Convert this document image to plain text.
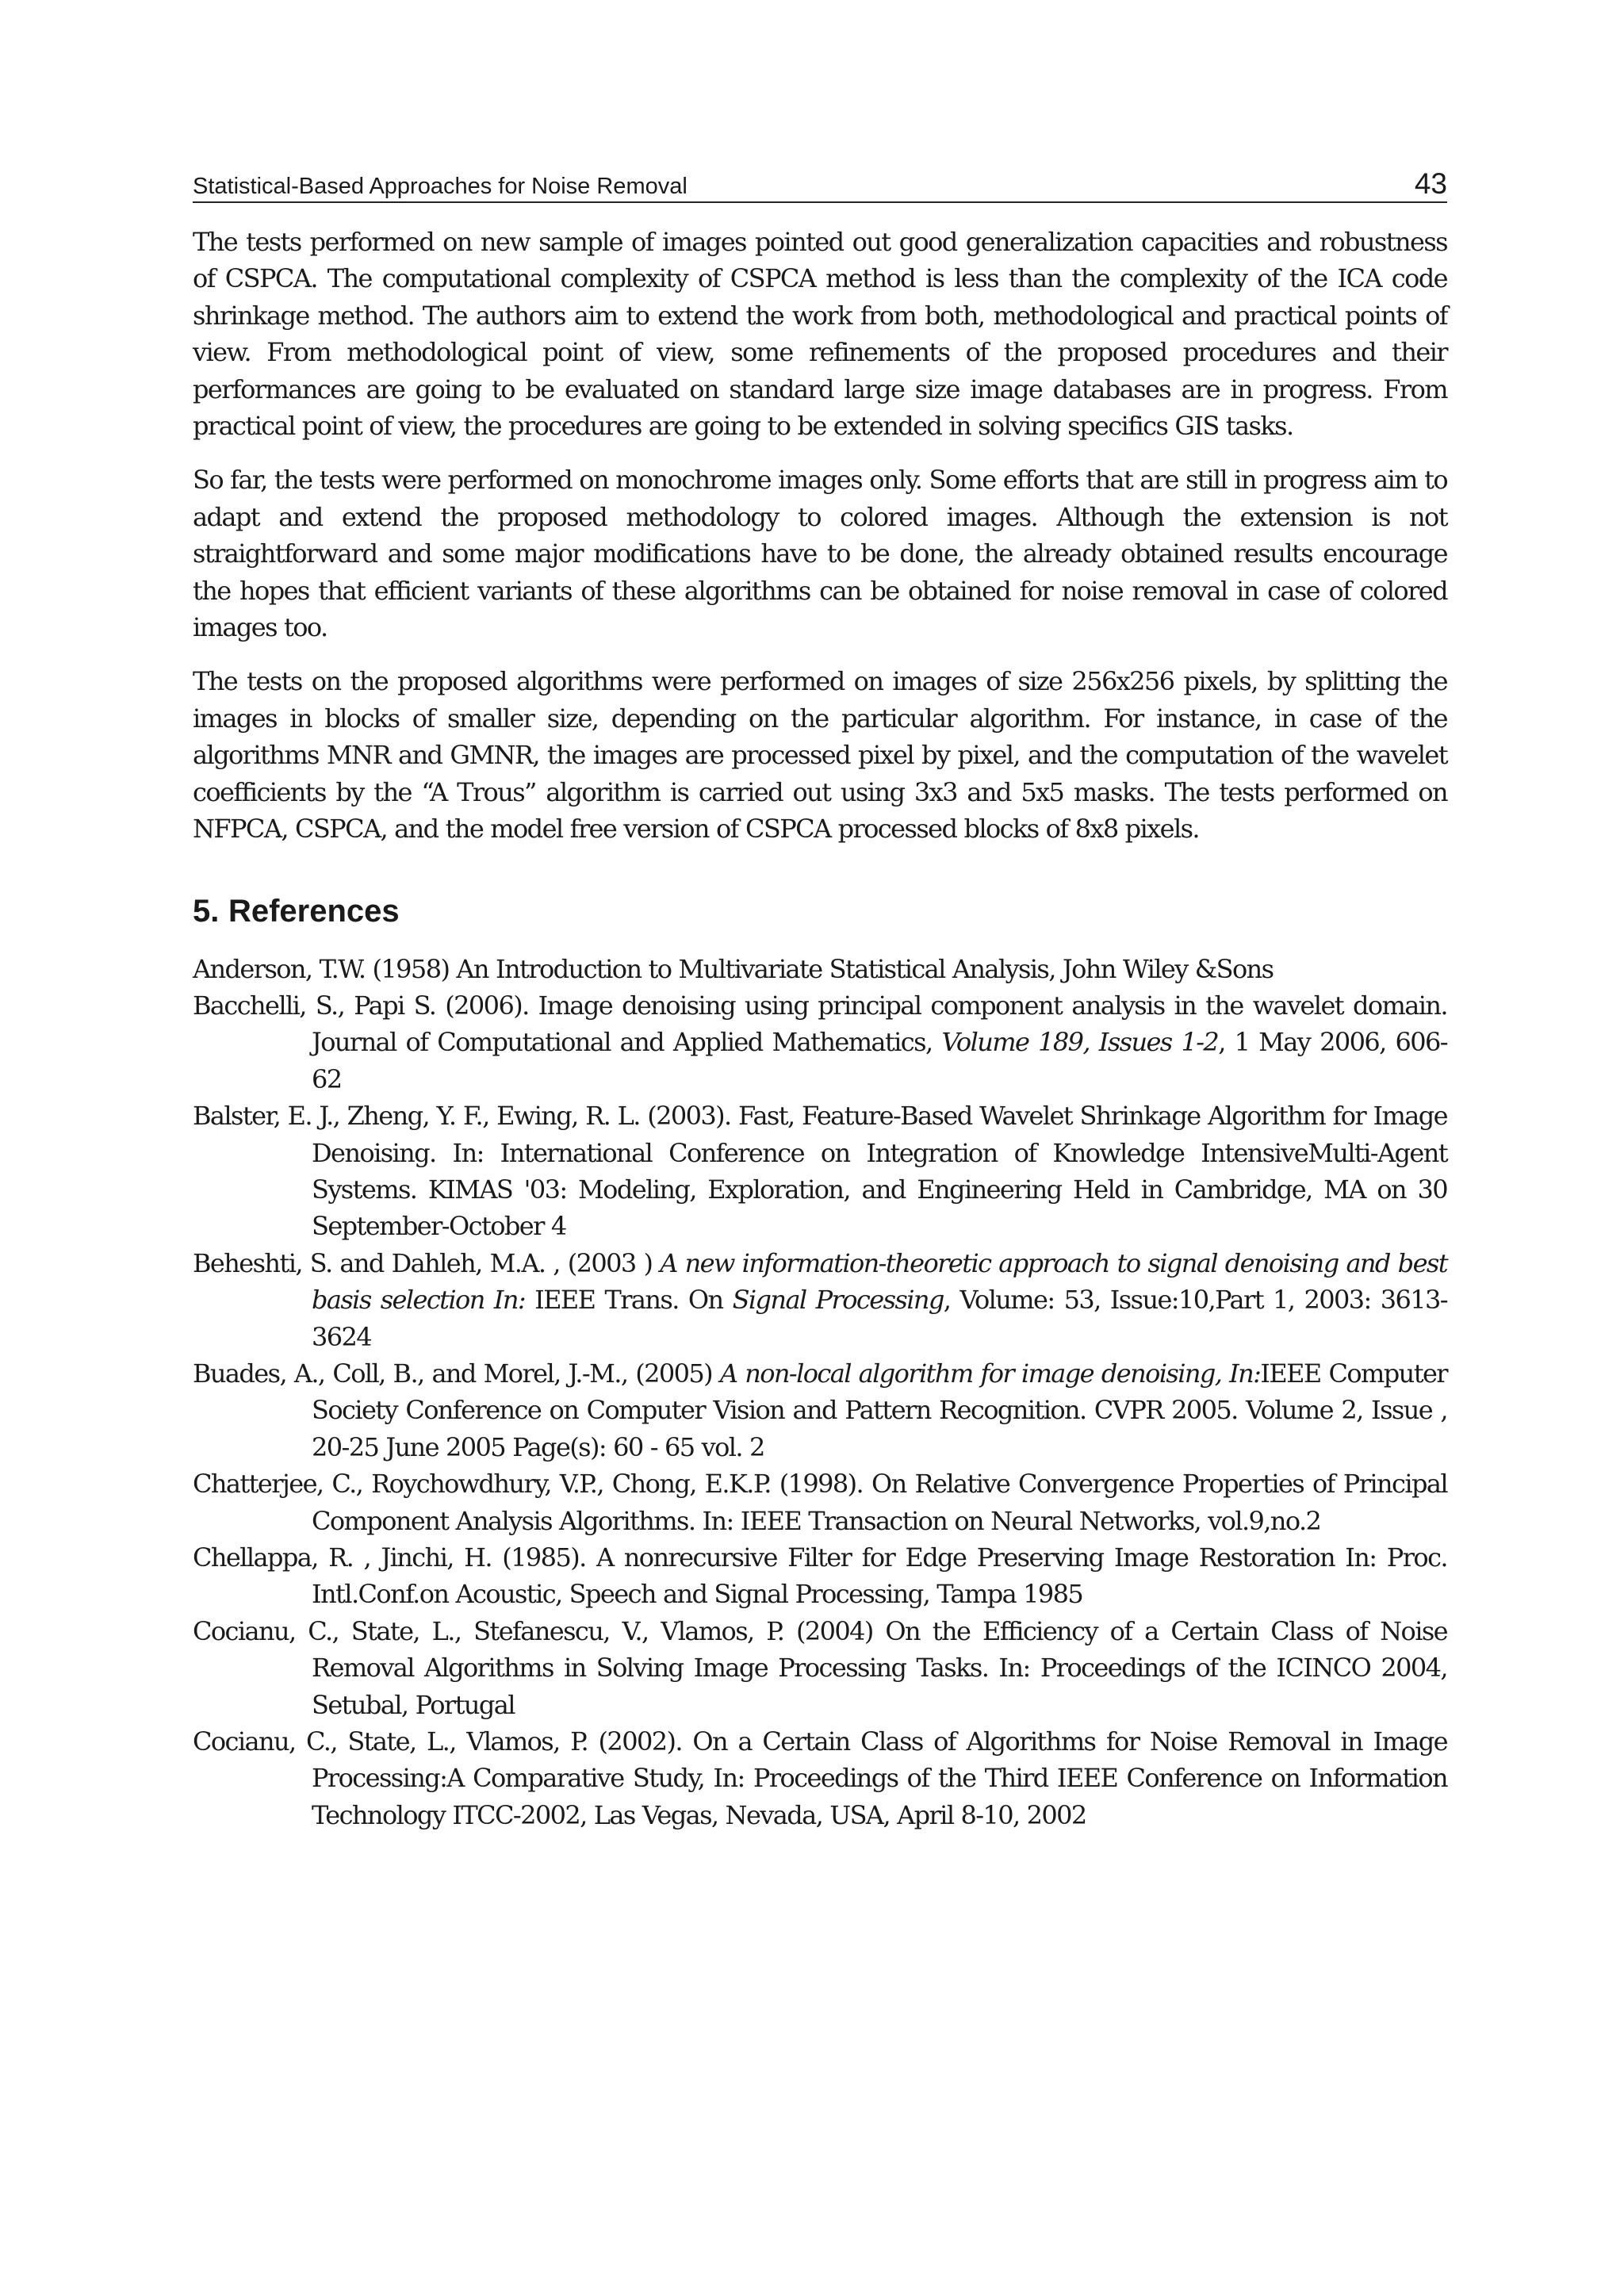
Statistical-Based Approaches for Noise Removal	43

The tests performed on new sample of images pointed out good generalization capacities and robustness of CSPCA. The computational complexity of CSPCA method is less than the complexity of the ICA code shrinkage method. The authors aim to extend the work from both, methodological and practical points of view. From methodological point of view, some refinements of the proposed procedures and their performances are going to be evaluated on standard large size image databases are in progress. From practical point of view, the procedures are going to be extended in solving specifics GIS tasks.

So far, the tests were performed on monochrome images only. Some efforts that are still in progress aim to adapt and extend the proposed methodology to colored images. Although the extension is not straightforward and some major modifications have to be done, the already obtained results encourage the hopes that efficient variants of these algorithms can be obtained for noise removal in case of colored images too.

The tests on the proposed algorithms were performed on images of size 256x256 pixels, by splitting the images in blocks of smaller size, depending on the particular algorithm. For instance, in case of the algorithms MNR and GMNR, the images are processed pixel by pixel, and the computation of the wavelet coefficients by the “A Trous” algorithm is carried out using 3x3 and 5x5 masks. The tests performed on NFPCA, CSPCA, and the model free version of CSPCA processed blocks of 8x8 pixels.

5. References

Anderson, T.W. (1958) An Introduction to Multivariate Statistical Analysis, John Wiley &Sons

Bacchelli, S., Papi S. (2006). Image denoising using principal component analysis in the wavelet domain. Journal of Computational and Applied Mathematics, Volume 189, Issues 1-2, 1 May 2006, 606-62

Balster, E. J., Zheng, Y. F., Ewing, R. L. (2003). Fast, Feature-Based Wavelet Shrinkage Algorithm for Image Denoising. In: International Conference on Integration of Knowledge IntensiveMulti-Agent Systems. KIMAS '03: Modeling, Exploration, and Engineering Held in Cambridge, MA on 30 September-October 4

Beheshti, S. and Dahleh, M.A. , (2003 ) A new information-theoretic approach to signal denoising and best basis selection In: IEEE Trans. On Signal Processing, Volume: 53, Issue:10,Part 1, 2003: 3613- 3624

Buades, A., Coll, B., and Morel, J.-M., (2005) A non-local algorithm for image denoising, In:IEEE Computer Society Conference on Computer Vision and Pattern Recognition. CVPR 2005. Volume 2, Issue , 20-25 June 2005 Page(s): 60 - 65 vol. 2

Chatterjee, C., Roychowdhury, V.P., Chong, E.K.P. (1998). On Relative Convergence Properties of Principal Component Analysis Algorithms. In: IEEE Transaction on Neural Networks, vol.9,no.2

Chellappa, R. , Jinchi, H. (1985). A nonrecursive Filter for Edge Preserving Image Restoration In: Proc. Intl.Conf.on Acoustic, Speech and Signal Processing, Tampa 1985

Cocianu, C., State, L., Stefanescu, V., Vlamos, P. (2004) On the Efficiency of a Certain Class of Noise Removal Algorithms in Solving Image Processing Tasks. In: Proceedings of the ICINCO 2004, Setubal, Portugal

Cocianu, C., State, L., Vlamos, P. (2002). On a Certain Class of Algorithms for Noise Removal in Image Processing:A Comparative Study, In: Proceedings of the Third IEEE Conference on Information Technology ITCC-2002, Las Vegas, Nevada, USA, April 8-10, 2002
